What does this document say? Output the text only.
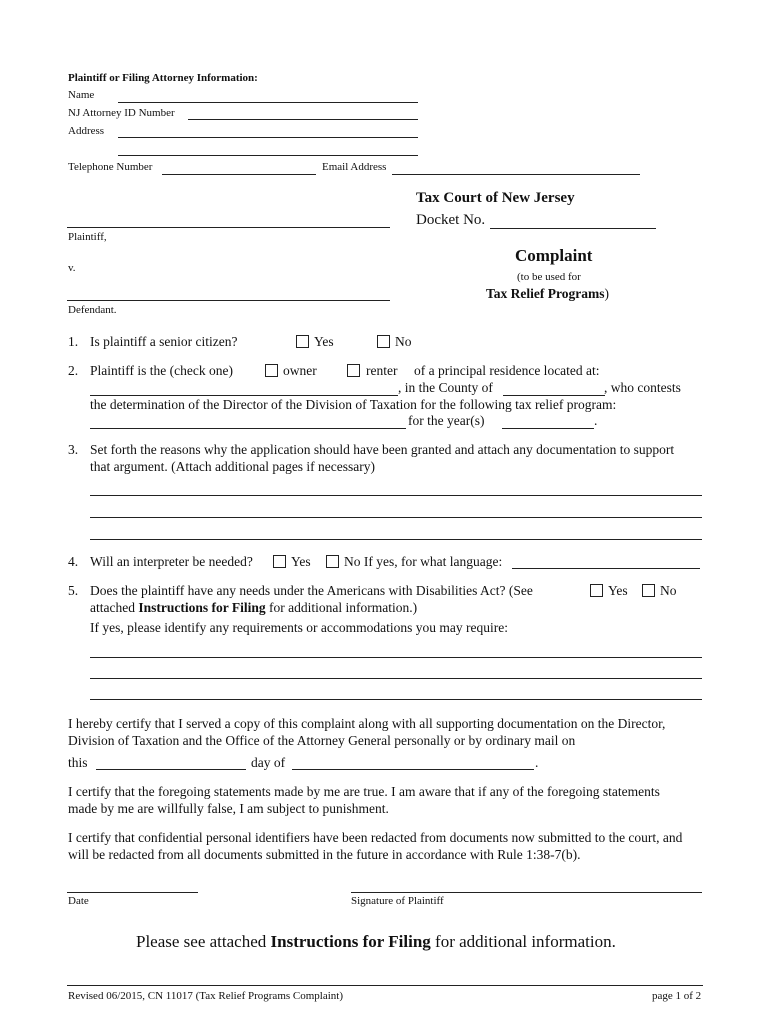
Plaintiff or Filing Attorney Information:
Name
NJ Attorney ID Number
Address
Telephone Number	Email Address
Tax Court of New Jersey
Docket No.
Plaintiff,
v.
Defendant.
Complaint
(to be used for
Tax Relief Programs)
1. Is plaintiff a senior citizen?	Yes	No
2. Plaintiff is the (check one)	owner	renter of a principal residence located at:
, in the County of	, who contests
the determination of the Director of the Division of Taxation for the following tax relief program:
for the year(s)	.
3. Set forth the reasons why the application should have been granted and attach any documentation to support
that argument. (Attach additional pages if necessary)
4. Will an interpreter be needed?	Yes No If yes, for what language:
5. Does the plaintiff have any needs under the Americans with Disabilities Act? (See	Yes No
attached Instructions for Filing for additional information.)
If yes, please identify any requirements or accommodations you may require:
I hereby certify that I served a copy of this complaint along with all supporting documentation on the Director,
Division of Taxation and the Office of the Attorney General personally or by ordinary mail on
this	day of	.
I certify that the foregoing statements made by me are true. I am aware that if any of the foregoing statements
made by me are willfully false, I am subject to punishment.
I certify that confidential personal identifiers have been redacted from documents now submitted to the court, and
will be redacted from all documents submitted in the future in accordance with Rule 1:38-7(b).
Date	Signature of Plaintiff
Please see attached Instructions for Filing for additional information.
Revised 06/2015, CN 11017 (Tax Relief Programs Complaint)	page 1 of 2
